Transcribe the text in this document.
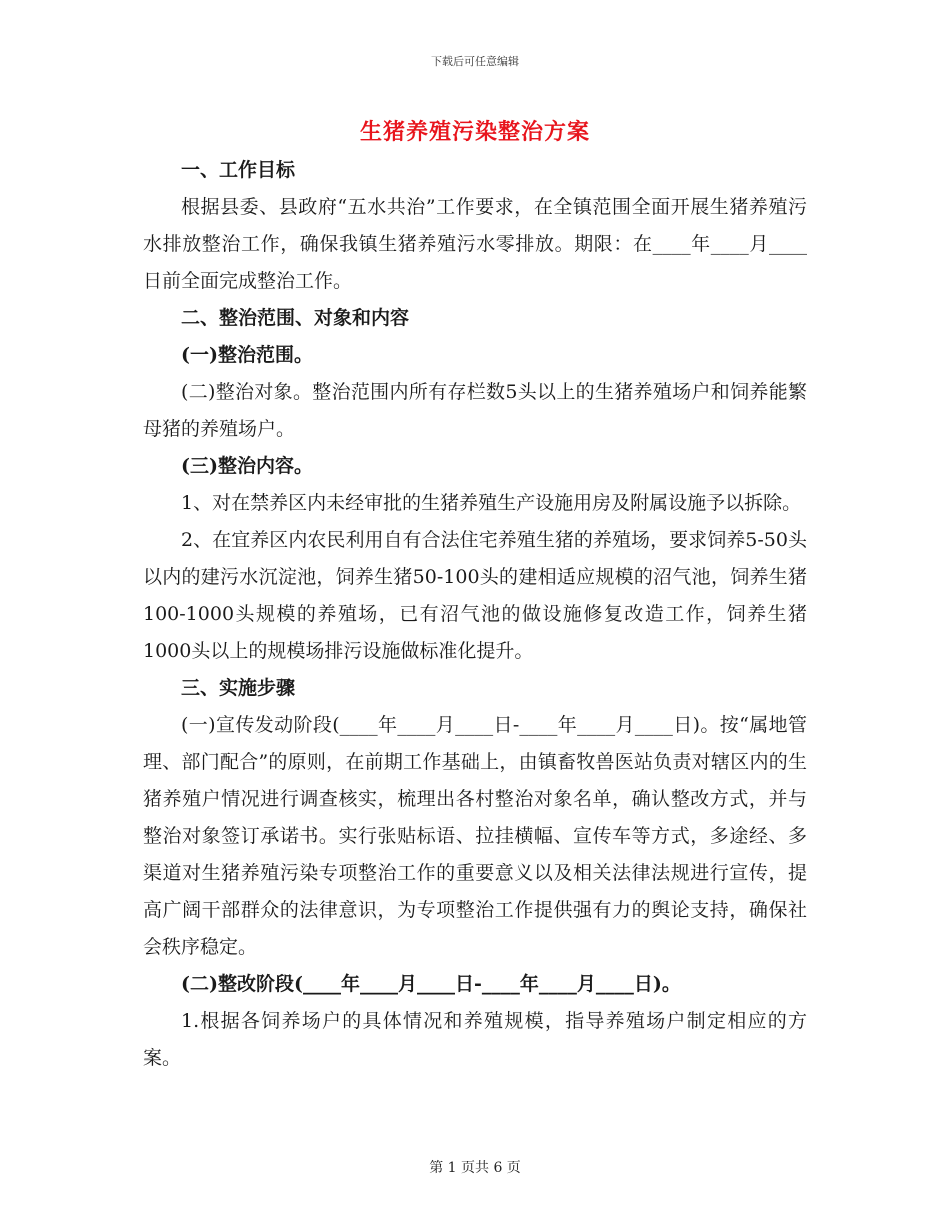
下载后可任意编辑
生猪养殖污染整治方案

一、工作目标

根据县委、县政府“五水共治”工作要求，在全镇范围全面开展生猪养殖污水排放整治工作，确保我镇生猪养殖污水零排放。期限：在____年____月____日前全面完成整治工作。

二、整治范围、对象和内容

(一)整治范围。

(二)整治对象。整治范围内所有存栏数5头以上的生猪养殖场户和饲养能繁母猪的养殖场户。

(三)整治内容。

1、对在禁养区内未经审批的生猪养殖生产设施用房及附属设施予以拆除。

2、在宜养区内农民利用自有合法住宅养殖生猪的养殖场，要求饲养5-50头以内的建污水沉淀池，饲养生猪50-100头的建相适应规模的沼气池，饲养生猪100-1000头规模的养殖场，已有沼气池的做设施修复改造工作，饲养生猪1000头以上的规模场排污设施做标准化提升。

三、实施步骤

(一)宣传发动阶段(____年____月____日-____年____月____日)。按“属地管理、部门配合”的原则，在前期工作基础上，由镇畜牧兽医站负责对辖区内的生猪养殖户情况进行调查核实，梳理出各村整治对象名单，确认整改方式，并与整治对象签订承诺书。实行张贴标语、拉挂横幅、宣传车等方式，多途经、多渠道对生猪养殖污染专项整治工作的重要意义以及相关法律法规进行宣传，提高广阔干部群众的法律意识，为专项整治工作提供强有力的舆论支持，确保社会秩序稳定。

(二)整改阶段(____年____月____日-____年____月____日)。

1.根据各饲养场户的具体情况和养殖规模，指导养殖场户制定相应的方案。

第 1 页共 6 页
